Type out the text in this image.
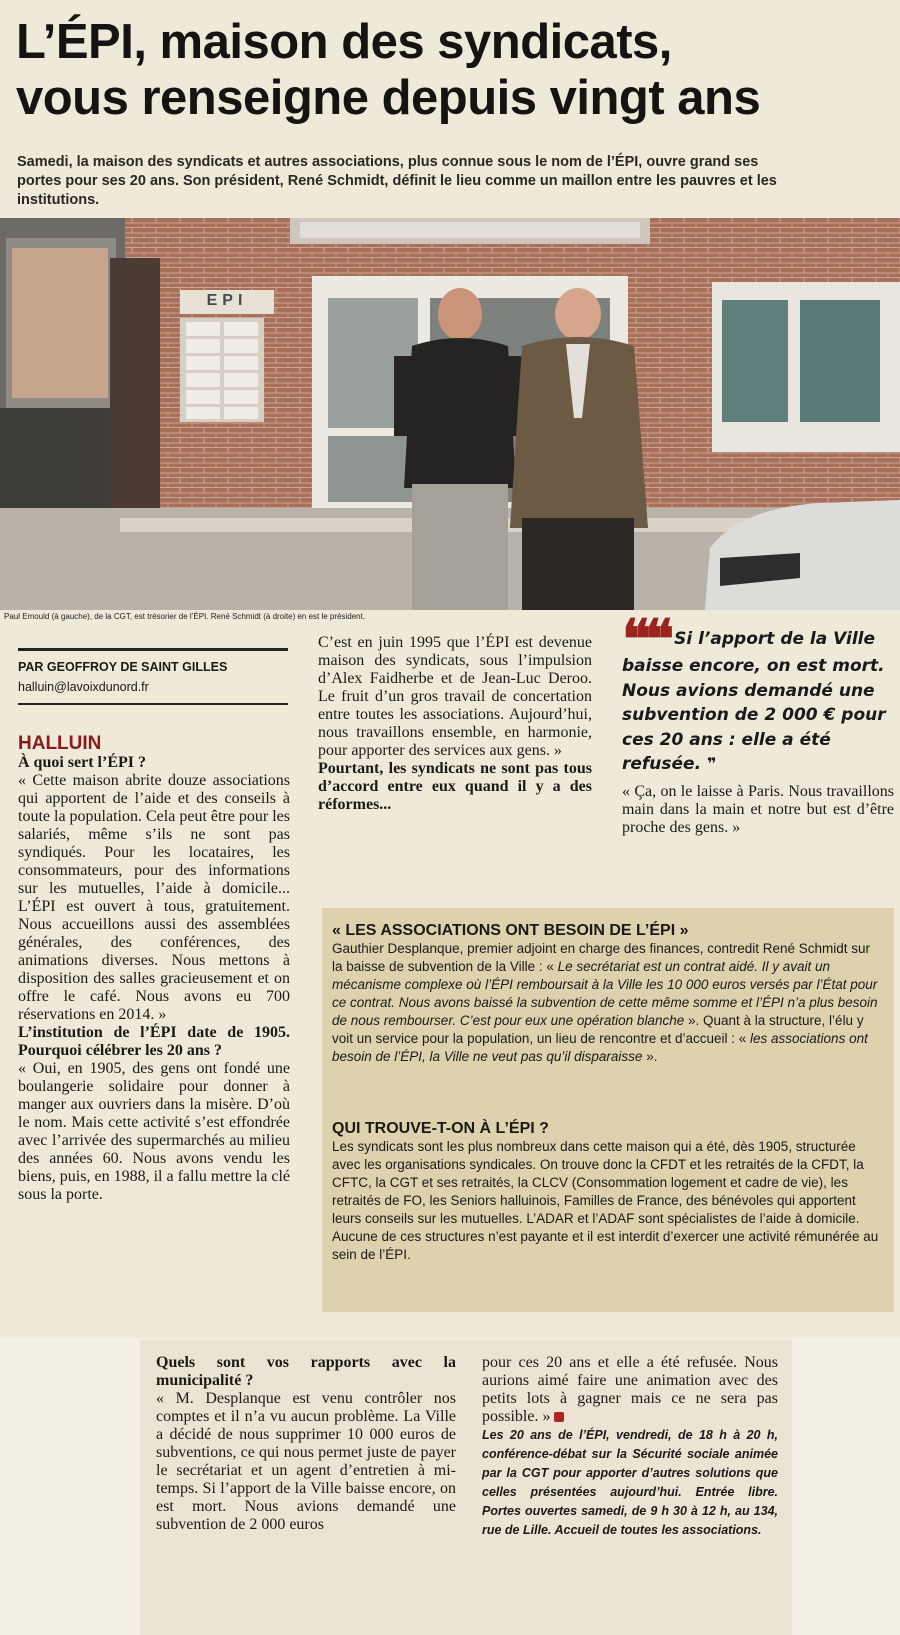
L’ÉPI, maison des syndicats,
vous renseigne depuis vingt ans

Samedi, la maison des syndicats et autres associations, plus connue sous le nom de l’ÉPI, ouvre grand ses portes pour ses 20 ans. Son président, René Schmidt, définit le lieu comme un maillon entre les pauvres et les institutions.

EPI
Paul Emould (à gauche), de la CGT, est trésorier de l’ÉPI. René Schmidt (à droite) en est le président.
PAR GEOFFROY DE SAINT GILLES
halluin@lavoixdunord.fr

HALLUIN

À quoi sert l’ÉPI ?

« Cette maison abrite douze associations qui apportent de l’aide et des conseils à toute la population. Cela peut être pour les salariés, même s’ils ne sont pas syndiqués. Pour les locataires, les consommateurs, pour des informations sur les mutuelles, l’aide à domicile... L’ÉPI est ouvert à tous, gratuitement. Nous accueillons aussi des assemblées générales, des conférences, des animations diverses. Nous mettons à disposition des salles gracieusement et on offre le café. Nous avons eu 700 réservations en 2014. »

L’institution de l’ÉPI date de 1905. Pourquoi célébrer les 20 ans ?

« Oui, en 1905, des gens ont fondé une boulangerie solidaire pour donner à manger aux ouvriers dans la misère. D’où le nom. Mais cette activité s’est effondrée avec l’arrivée des supermarchés au milieu des années 60. Nous avons vendu les biens, puis, en 1988, il a fallu mettre la clé sous la porte.

C’est en juin 1995 que l’ÉPI est devenue maison des syndicats, sous l’impulsion d’Alex Faidherbe et de Jean-Luc Deroo. Le fruit d’un gros travail de concertation entre toutes les associations. Aujourd’hui, nous travaillons ensemble, en harmonie, pour apporter des services aux gens. »

Pourtant, les syndicats ne sont pas tous d’accord entre eux quand il y a des réformes...

❝❝ Si l’apport de la Ville baisse encore, on est mort. Nous avions demandé une subvention de 2 000 € pour ces 20 ans : elle a été refusée. ❞

« Ça, on le laisse à Paris. Nous travaillons main dans la main et notre but est d’être proche des gens. »

« LES ASSOCIATIONS ONT BESOIN DE L’ÉPI »
Gauthier Desplanque, premier adjoint en charge des finances, contredit René Schmidt sur la baisse de subvention de la Ville : « Le secrétariat est un contrat aidé. Il y avait un mécanisme complexe où l’ÉPI remboursait à la Ville les 10 000 euros versés par l’État pour ce contrat. Nous avons baissé la subvention de cette même somme et l’ÉPI n’a plus besoin de nous rembourser. C’est pour eux une opération blanche ». Quant à la structure, l’élu y voit un service pour la population, un lieu de rencontre et d’accueil : « les associations ont besoin de l’ÉPI, la Ville ne veut pas qu’il disparaisse ».
QUI TROUVE-T-ON À L’ÉPI ?
Les syndicats sont les plus nombreux dans cette maison qui a été, dès 1905, structurée avec les organisations syndicales. On trouve donc la CFDT et les retraités de la CFDT, la CFTC, la CGT et ses retraités, la CLCV (Consommation logement et cadre de vie), les retraités de FO, les Seniors halluinois, Familles de France, des bénévoles qui apportent leurs conseils sur les mutuelles. L’ADAR et l’ADAF sont spécialistes de l’aide à domicile. Aucune de ces structures n’est payante et il est interdit d’exercer une activité rémunérée au sein de l’ÉPI.

Quels sont vos rapports avec la municipalité ?

« M. Desplanque est venu contrôler nos comptes et il n’a vu aucun problème. La Ville a décidé de nous supprimer 10 000 euros de subventions, ce qui nous permet juste de payer le secrétariat et un agent d’entretien à mi-temps. Si l’apport de la Ville baisse encore, on est mort. Nous avions demandé une subvention de 2 000 euros

pour ces 20 ans et elle a été refusée. Nous aurions aimé faire une animation avec des petits lots à gagner mais ce ne sera pas possible. »

Les 20 ans de l’ÉPI, vendredi, de 18 h à 20 h, conférence-débat sur la Sécurité sociale animée par la CGT pour apporter d’autres solutions que celles présentées aujourd’hui. Entrée libre. Portes ouvertes samedi, de 9 h 30 à 12 h, au 134, rue de Lille. Accueil de toutes les associations.
